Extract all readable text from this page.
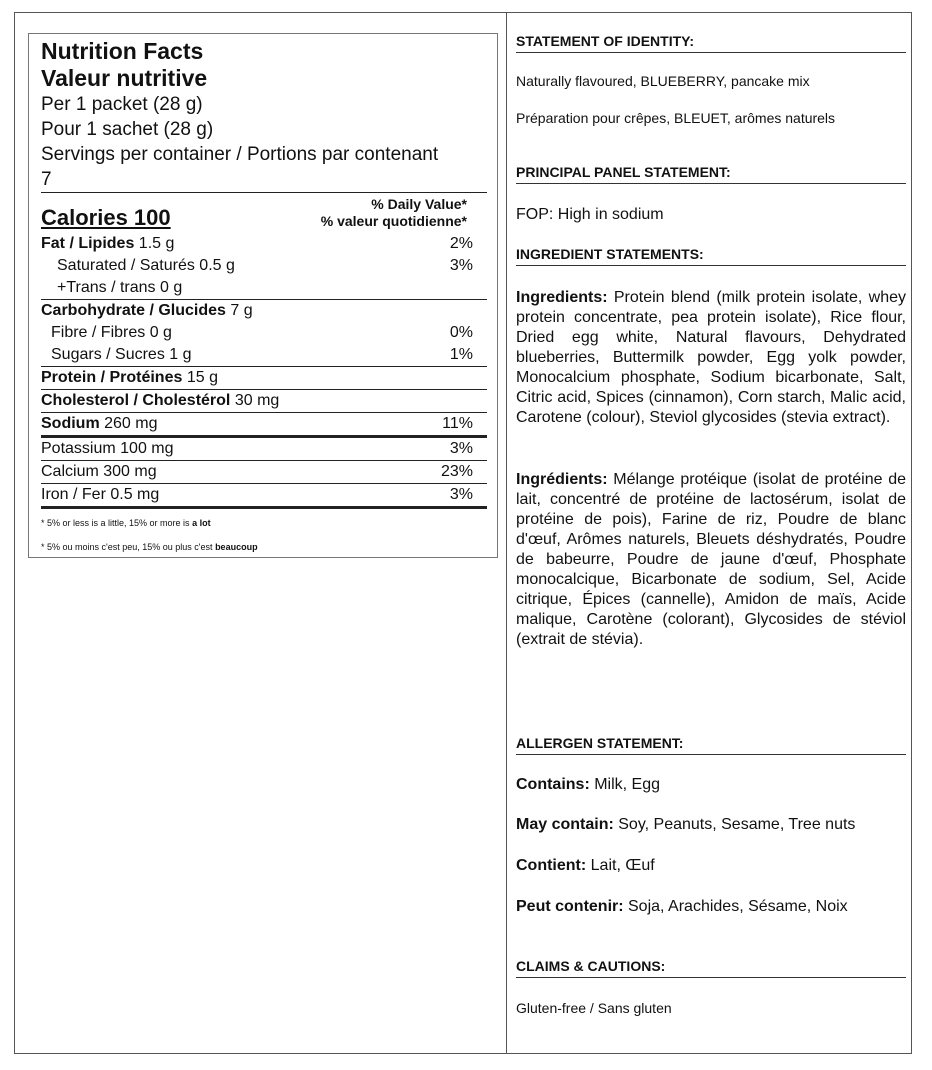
Nutrition Facts
Valeur nutritive
Per 1 packet (28 g)
Pour 1 sachet (28 g)
Servings per container / Portions par contenant
7
Calories 100
% Daily Value*
% valeur quotidienne*
Fat / Lipides 1.5 g	2%
Saturated / Saturés 0.5 g	3%
+Trans / trans 0 g
Carbohydrate / Glucides 7 g
Fibre / Fibres 0 g	0%
Sugars / Sucres 1 g	1%
Protein / Protéines 15 g
Cholesterol / Cholestérol 30 mg
Sodium 260 mg	11%
Potassium 100 mg	3%
Calcium 300 mg	23%
Iron / Fer 0.5 mg	3%
* 5% or less is a little, 15% or more is a lot
* 5% ou moins c'est peu, 15% ou plus c'est beaucoup
STATEMENT OF IDENTITY:
Naturally flavoured, BLUEBERRY, pancake mix
Préparation pour crêpes, BLEUET, arômes naturels
PRINCIPAL PANEL STATEMENT:
FOP: High in sodium
INGREDIENT STATEMENTS:
Ingredients: Protein blend (milk protein isolate, whey protein concentrate, pea protein isolate), Rice flour, Dried egg white, Natural flavours, Dehydrated blueberries, Buttermilk powder, Egg yolk powder, Monocalcium phosphate, Sodium bicarbonate, Salt, Citric acid, Spices (cinnamon), Corn starch, Malic acid, Carotene (colour), Steviol glycosides (stevia extract).
Ingrédients: Mélange protéique (isolat de protéine de lait, concentré de protéine de lactosérum, isolat de protéine de pois), Farine de riz, Poudre de blanc d'œuf, Arômes naturels, Bleuets déshydratés, Poudre de babeurre, Poudre de jaune d'œuf, Phosphate monocalcique, Bicarbonate de sodium, Sel, Acide citrique, Épices (cannelle), Amidon de maïs, Acide malique, Carotène (colorant), Glycosides de stéviol (extrait de stévia).
ALLERGEN STATEMENT:
Contains: Milk, Egg
May contain: Soy, Peanuts, Sesame, Tree nuts
Contient: Lait, Œuf
Peut contenir: Soja, Arachides, Sésame, Noix
CLAIMS & CAUTIONS:
Gluten-free / Sans gluten
